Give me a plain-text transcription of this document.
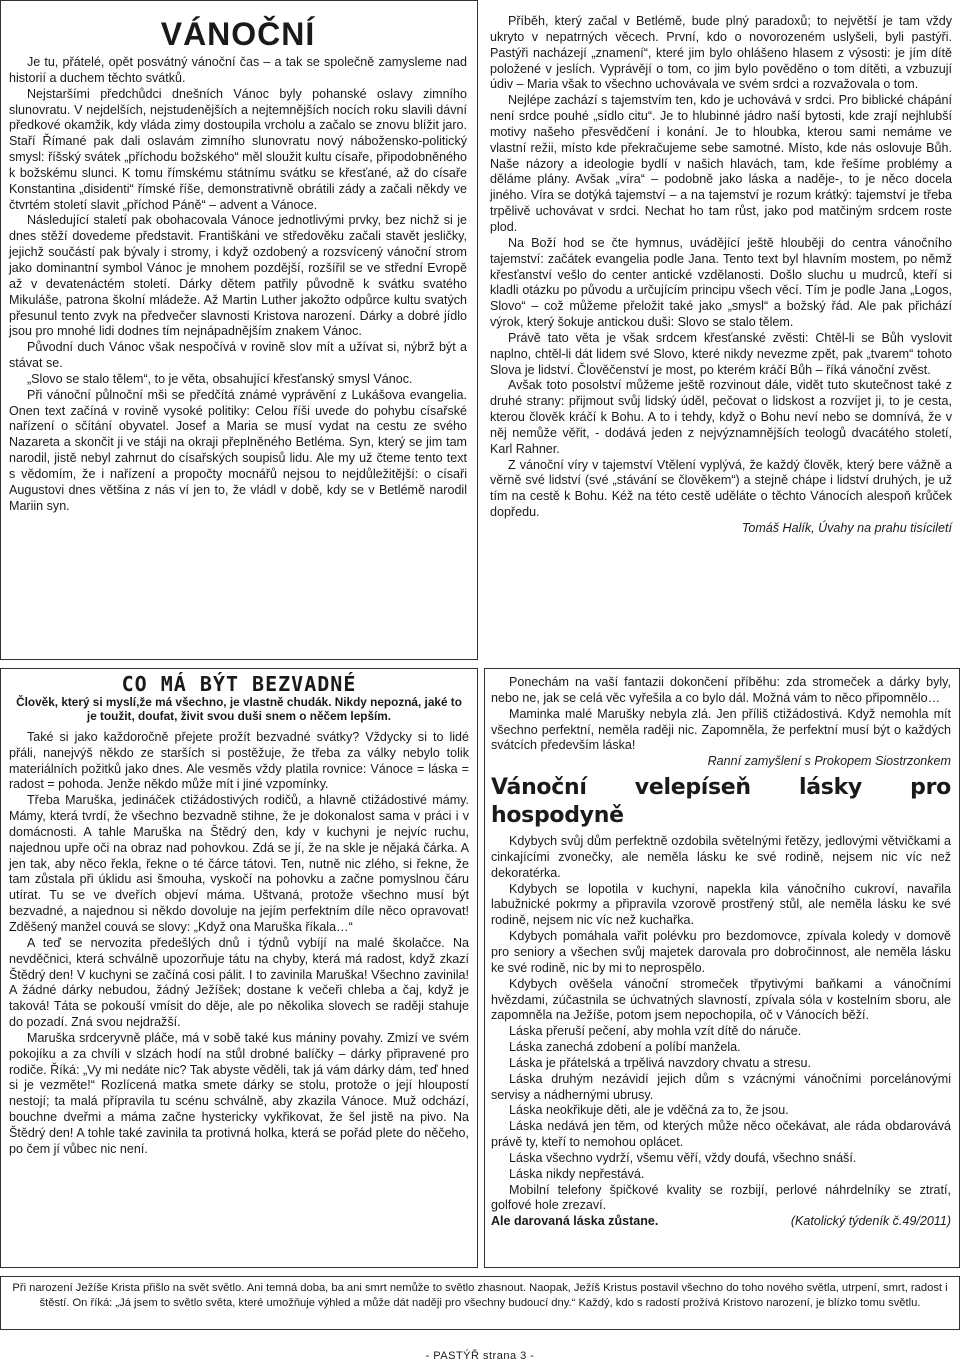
VÁNOČNÍ

Je tu, přátelé, opět posvátný vánoční čas – a tak se společně zamysleme nad historií a duchem těchto svátků.

Nejstaršími předchůdci dnešních Vánoc byly pohanské oslavy zimního slunovratu. V nejdelších, nejstudenějších a nejtemnějších nocích roku slavili dávní předkové okamžik, kdy vláda zimy dostoupila vrcholu a začalo se znovu blížit jaro. Staří Římané pak dali oslavám zimního slunovratu nový nábožensko-politický smysl: říšský svátek „příchodu božského“ měl sloužit kultu císaře, připodobněného k božskému slunci. K tomu římskému státnímu svátku se křesťané, až do císaře Konstantina „disidenti“ římské říše, demonstrativně obrátili zády a začali někdy ve čtvrtém století slavit „příchod Páně“ – advent a Vánoce.

Následující staletí pak obohacovala Vánoce jednotlivými prvky, bez nichž si je dnes stěží dovedeme představit. Františkáni ve středověku začali stavět jesličky, jejichž součástí pak bývaly i stromy, i když ozdobený a rozsvícený vánoční strom jako dominantní symbol Vánoc je mnohem pozdější, rozšířil se ve střední Evropě až v devatenáctém století. Dárky dětem patřily původně k svátku svatého Mikuláše, patrona školní mládeže. Až Martin Luther jakožto odpůrce kultu svatých přesunul tento zvyk na předvečer slavnosti Kristova narození. Dárky a dobré jídlo jsou pro mnohé lidi dodnes tím nejnápadnějším znakem Vánoc.

Původní duch Vánoc však nespočívá v rovině slov mít a užívat si, nýbrž být a stávat se.

„Slovo se stalo tělem“, to je věta, obsahující křesťanský smysl Vánoc.

Při vánoční půlnoční mši se předčítá známé vyprávění z Lukášova evangelia. Onen text začíná v rovině vysoké politiky: Celou říši uvede do pohybu císařské nařízení o sčítání obyvatel. Josef a Maria se musí vydat na cestu ze svého Nazareta a skončit ji ve stáji na okraji přeplněného Betléma. Syn, který se jim tam narodil, jistě nebyl zahrnut do císařských soupisů lidu. Ale my už čteme tento text s vědomím, že i nařízení a propočty mocnářů nejsou to nejdůležitější: o císaři Augustovi dnes většina z nás ví jen to, že vládl v době, kdy se v Betlémě narodil Mariin syn.

Příběh, který začal v Betlémě, bude plný paradoxů; to největší je tam vždy ukryto v nepatrných věcech. První, kdo o novorozeném uslyšeli, byli pastýři. Pastýři nacházejí „znamení“, které jim bylo ohlášeno hlasem z výsosti: je jím dítě položené v jeslích. Vyprávějí o tom, co jim bylo pověděno o tom dítěti, a vzbuzují údiv – Maria však to všechno uchovávala ve svém srdci a rozvažovala o tom.

Nejlépe zachází s tajemstvím ten, kdo je uchovává v srdci. Pro biblické chápání není srdce pouhé „sídlo citu“. Je to hlubinné jádro naší bytosti, kde zrají nejhlubší motivy našeho přesvědčení i konání. Je to hloubka, kterou sami nemáme ve vlastní režii, místo kde překračujeme sebe samotné. Místo, kde nás oslovuje Bůh. Naše názory a ideologie bydlí v našich hlavách, tam, kde řešíme problémy a děláme plány. Avšak „víra“ – podobně jako láska a naděje-, to je něco docela jiného. Víra se dotýká tajemství – a na tajemství je rozum krátký: tajemství je třeba trpělivě uchovávat v srdci. Nechat ho tam růst, jako pod matčiným srdcem roste plod.

Na Boží hod se čte hymnus, uvádějící ještě hlouběji do centra vánočního tajemství: začátek evangelia podle Jana. Tento text byl hlavním mostem, po němž křesťanství vešlo do center antické vzdělanosti. Došlo sluchu u mudrců, kteří si kladli otázku po původu a určujícím principu všech věcí. Tím je podle Jana „Logos, Slovo“ – což můžeme přeložit také jako „smysl“ a božský řád. Ale pak přichází výrok, který šokuje antickou duši: Slovo se stalo tělem.

Právě tato věta je však srdcem křesťanské zvěsti: Chtěl-li se Bůh vyslovit naplno, chtěl-li dát lidem své Slovo, které nikdy nevezme zpět, pak „tvarem“ tohoto Slova je lidství. Člověčenství je most, po kterém kráčí Bůh – říká vánoční zvěst.

Avšak toto posolství můžeme ještě rozvinout dále, vidět tuto skutečnost také z druhé strany: přijmout svůj lidský úděl, pečovat o lidskost a rozvíjet ji, to je cesta, kterou člověk kráčí k Bohu. A to i tehdy, když o Bohu neví nebo se domnívá, že v něj nemůže věřit, - dodává jeden z nejvýznamnějších teologů dvacátého století, Karl Rahner.

Z vánoční víry v tajemství Vtělení vyplývá, že každý člověk, který bere vážně a věrně své lidství (své „stávání se člověkem“) a stejně chápe i lidství druhých, je už tím na cestě k Bohu. Kéž na této cestě uděláte o těchto Vánocích alespoň krůček dopředu.

Tomáš Halík, Úvahy na prahu tisíciletí

CO MÁ BÝT BEZVADNÉ
Člověk, který si myslí,že má všechno, je vlastně chudák. Nikdy nepozná, jaké to je toužit, doufat, živit svou duši snem o něčem lepším.

Také si jako každoročně přejete prožít bezvadné svátky? Vždycky si to lidé přáli, nanejvýš někdo ze starších si postěžuje, že třeba za války nebylo tolik materiálních požitků jako dnes. Ale vesměs vždy platila rovnice: Vánoce = láska = radost = pohoda. Jenže někdo může mít i jiné vzpomínky.

Třeba Maruška, jedináček ctižádostivých rodičů, a hlavně ctižádostivé mámy. Mámy, která tvrdí, že všechno bezvadně stihne, že je dokonalost sama v práci i v domácnosti. A tahle Maruška na Štědrý den, kdy v kuchyni je nejvíc ruchu, najednou upře oči na obraz nad pohovkou. Zdá se jí, že na skle je nějaká čárka. A jen tak, aby něco řekla, řekne o té čárce tátovi. Ten, nutně nic zlého, si řekne, že tam zůstala při úklidu asi šmouha, vyskočí na pohovku a začne pomyslnou čáru utírat. Tu se ve dveřích objeví máma. Uštvaná, protože všechno musí být bezvadné, a najednou si někdo dovoluje na jejím perfektním díle něco opravovat! Zděšený manžel couvá se slovy: „Když ona Maruška říkala…“

A teď se nervozita předešlých dnů i týdnů vybíjí na malé školačce. Na nevděčnici, která schválně upozorňuje tátu na chyby, která má radost, když zkazí Štědrý den! V kuchyni se začíná cosi pálit. I to zavinila Maruška! Všechno zavinila! A žádné dárky nebudou, žádný Ježíšek; dostane k večeři chleba a čaj, když je taková! Táta se pokouší vmísit do děje, ale po několika slovech se raději stahuje do pozadí. Zná svou nejdražší.

Maruška srdceryvně pláče, má v sobě také kus mániny povahy. Zmizí ve svém pokojíku a za chvíli v slzách hodí na stůl drobné balíčky – dárky připravené pro rodiče. Říká: „Vy mi nedáte nic? Tak abyste věděli, tak já vám dárky dám, teď hned si je vezměte!“ Rozlícená matka smete dárky se stolu, protože o její hloupostí nestojí; ta malá přípravila tu scénu schválně, aby zkazila Vánoce. Muž odchází, bouchne dveřmi a máma začne hystericky vykřikovat, že šel jistě na pivo. Na Štědrý den! A tohle také zavinila ta protivná holka, která se pořád plete do něčeho, po čem jí vůbec nic není.

Ponechám na vaší fantazii dokončení příběhu: zda stromeček a dárky byly, nebo ne, jak se celá věc vyřešila a co bylo dál. Možná vám to něco připomnělo…

Maminka malé Marušky nebyla zlá. Jen příliš ctižádostivá. Když nemohla mít všechno perfektní, neměla raději nic. Zapomněla, že perfektní musí být o každých svátcích především láska!

Ranní zamyšlení s Prokopem Siostrzonkem

Vánoční velepíseň lásky pro hospodyně

Kdybych svůj dům perfektně ozdobila světelnými řetězy, jedlovými větvičkami a cinkajícími zvonečky, ale neměla lásku ke své rodině, nejsem nic víc než dekoratérka.

Kdybych se lopotila v kuchyni, napekla kila vánočního cukroví, navařila labužnické pokrmy a připravila vzorově prostřený stůl, ale neměla lásku ke své rodině, nejsem nic víc než kuchařka.

Kdybych pomáhala vařit polévku pro bezdomovce, zpívala koledy v domově pro seniory a všechen svůj majetek darovala pro dobročinnost, ale neměla lásku ke své rodině, nic by mi to neprospělo.

Kdybych ověšela vánoční stromeček třpytivými baňkami a vánočními hvězdami, zúčastnila se úchvatných slavností, zpívala sóla v kostelním sboru, ale zapomněla na Ježíše, potom jsem nepochopila, oč v Vánocích běží.

Láska přeruší pečení, aby mohla vzít dítě do náruče.

Láska zanechá zdobení a políbí manžela.

Láska je přátelská a trpělivá navzdory chvatu a stresu.

Láska druhým nezávidí jejich dům s vzácnými vánočními porcelánovými servisy a nádhernými ubrusy.

Láska neokřikuje děti, ale je vděčná za to, že jsou.

Láska nedává jen těm, od kterých může něco očekávat, ale ráda obdarovává právě ty, kteří to nemohou oplácet.

Láska všechno vydrží, všemu věří, vždy doufá, všechno snáší.

Láska nikdy nepřestává.

Mobilní telefony špičkové kvality se rozbijí, perlové náhrdelníky se ztratí, golfové hole zrezaví.

Ale darovaná láska zůstane.	(Katolický týdeník č.49/2011)
Při narození Ježíše Krista přišlo na svět světlo. Ani temná doba, ba ani smrt nemůže to světlo zhasnout. Naopak, Ježíš Kristus postavil všechno do toho nového světla, utrpení, smrt, radost i štěstí. On říká: „Já jsem to světlo světa, které umožňuje výhled a může dát naději pro všechny budoucí dny.“ Každý, kdo s radostí prožívá Kristovo narození, je blízko tomu světlu.
- PASTÝŘ strana 3 -
